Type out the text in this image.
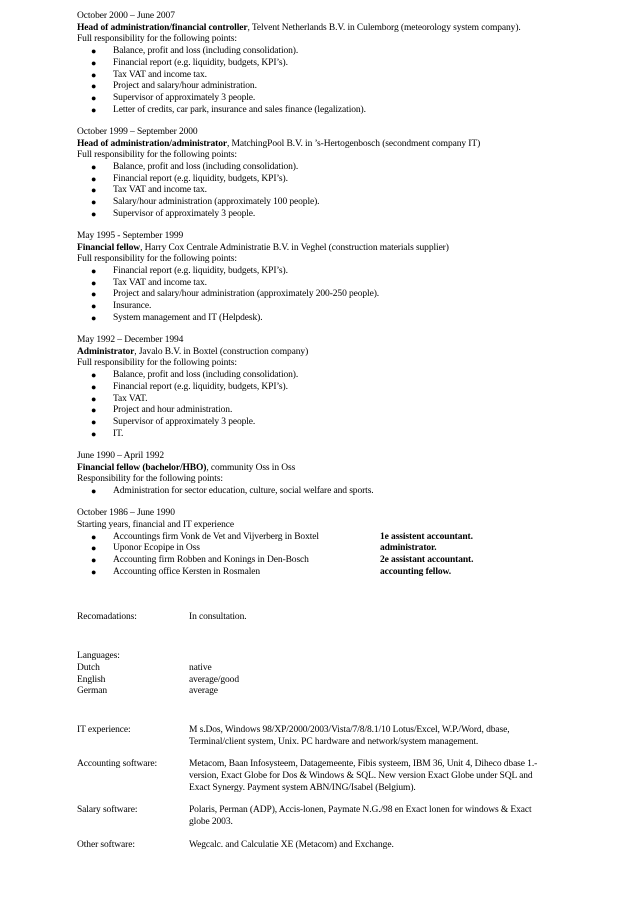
October 2000 – June 2007
Head of administration/financial controller, Telvent Netherlands B.V. in Culemborg (meteorology system company).
Full responsibility for the following points:
● Balance, profit and loss (including consolidation).
● Financial report (e.g. liquidity, budgets, KPI’s).
● Tax VAT and income tax.
● Project and salary/hour administration.
● Supervisor of approximately 3 people.
● Letter of credits, car park, insurance and sales finance (legalization).
October 1999 – September 2000
Head of administration/administrator, MatchingPool B.V. in ’s-Hertogenbosch (secondment company IT)
Full responsibility for the following points:
● Balance, profit and loss (including consolidation).
● Financial report (e.g. liquidity, budgets, KPI’s).
● Tax VAT and income tax.
● Salary/hour administration (approximately 100 people).
● Supervisor of approximately 3 people.
May 1995 - September 1999
Financial fellow, Harry Cox Centrale Administratie B.V. in Veghel (construction materials supplier)
Full responsibility for the following points:
● Financial report (e.g. liquidity, budgets, KPI’s).
● Tax VAT and income tax.
● Project and salary/hour administration (approximately 200-250 people).
● Insurance.
● System management and IT (Helpdesk).
May 1992 – December 1994
Administrator, Javalo B.V. in Boxtel (construction company)
Full responsibility for the following points:
● Balance, profit and loss (including consolidation).
● Financial report (e.g. liquidity, budgets, KPI’s).
● Tax VAT.
● Project and hour administration.
● Supervisor of approximately 3 people.
● IT.
June 1990 – April 1992
Financial fellow (bachelor/HBO), community Oss in Oss
Responsibility for the following points:
● Administration for sector education, culture, social welfare and sports.
October 1986 – June 1990
Starting years, financial and IT experience
● Accountings firm Vonk de Vet and Vijverberg in Boxtel	1e assistent accountant.
● Uponor Ecopipe in Oss	administrator.
● Accounting firm Robben and Konings in Den-Bosch	2e assistant accountant.
● Accounting office Kersten in Rosmalen	accounting fellow.
Recomadations:	In consultation.
Languages:
Dutch	native
English	average/good
German	average
IT experience:	M s.Dos, Windows 98/XP/2000/2003/Vista/7/8/8.1/10 Lotus/Excel, W.P./Word, dbase,
Terminal/client system, Unix. PC hardware and network/system management.
Accounting software:	Metacom, Baan Infosysteem, Datagemeente, Fibis systeem, IBM 36, Unit 4, Diheco dbase 1.-
version, Exact Globe for Dos & Windows & SQL. New version Exact Globe under SQL and
Exact Synergy. Payment system ABN/ING/Isabel (Belgium).
Salary software:	Polaris, Perman (ADP), Accis-lonen, Paymate N.G./98 en Exact lonen for windows & Exact
globe 2003.
Other software:	Wegcalc. and Calculatie XE (Metacom) and Exchange.
